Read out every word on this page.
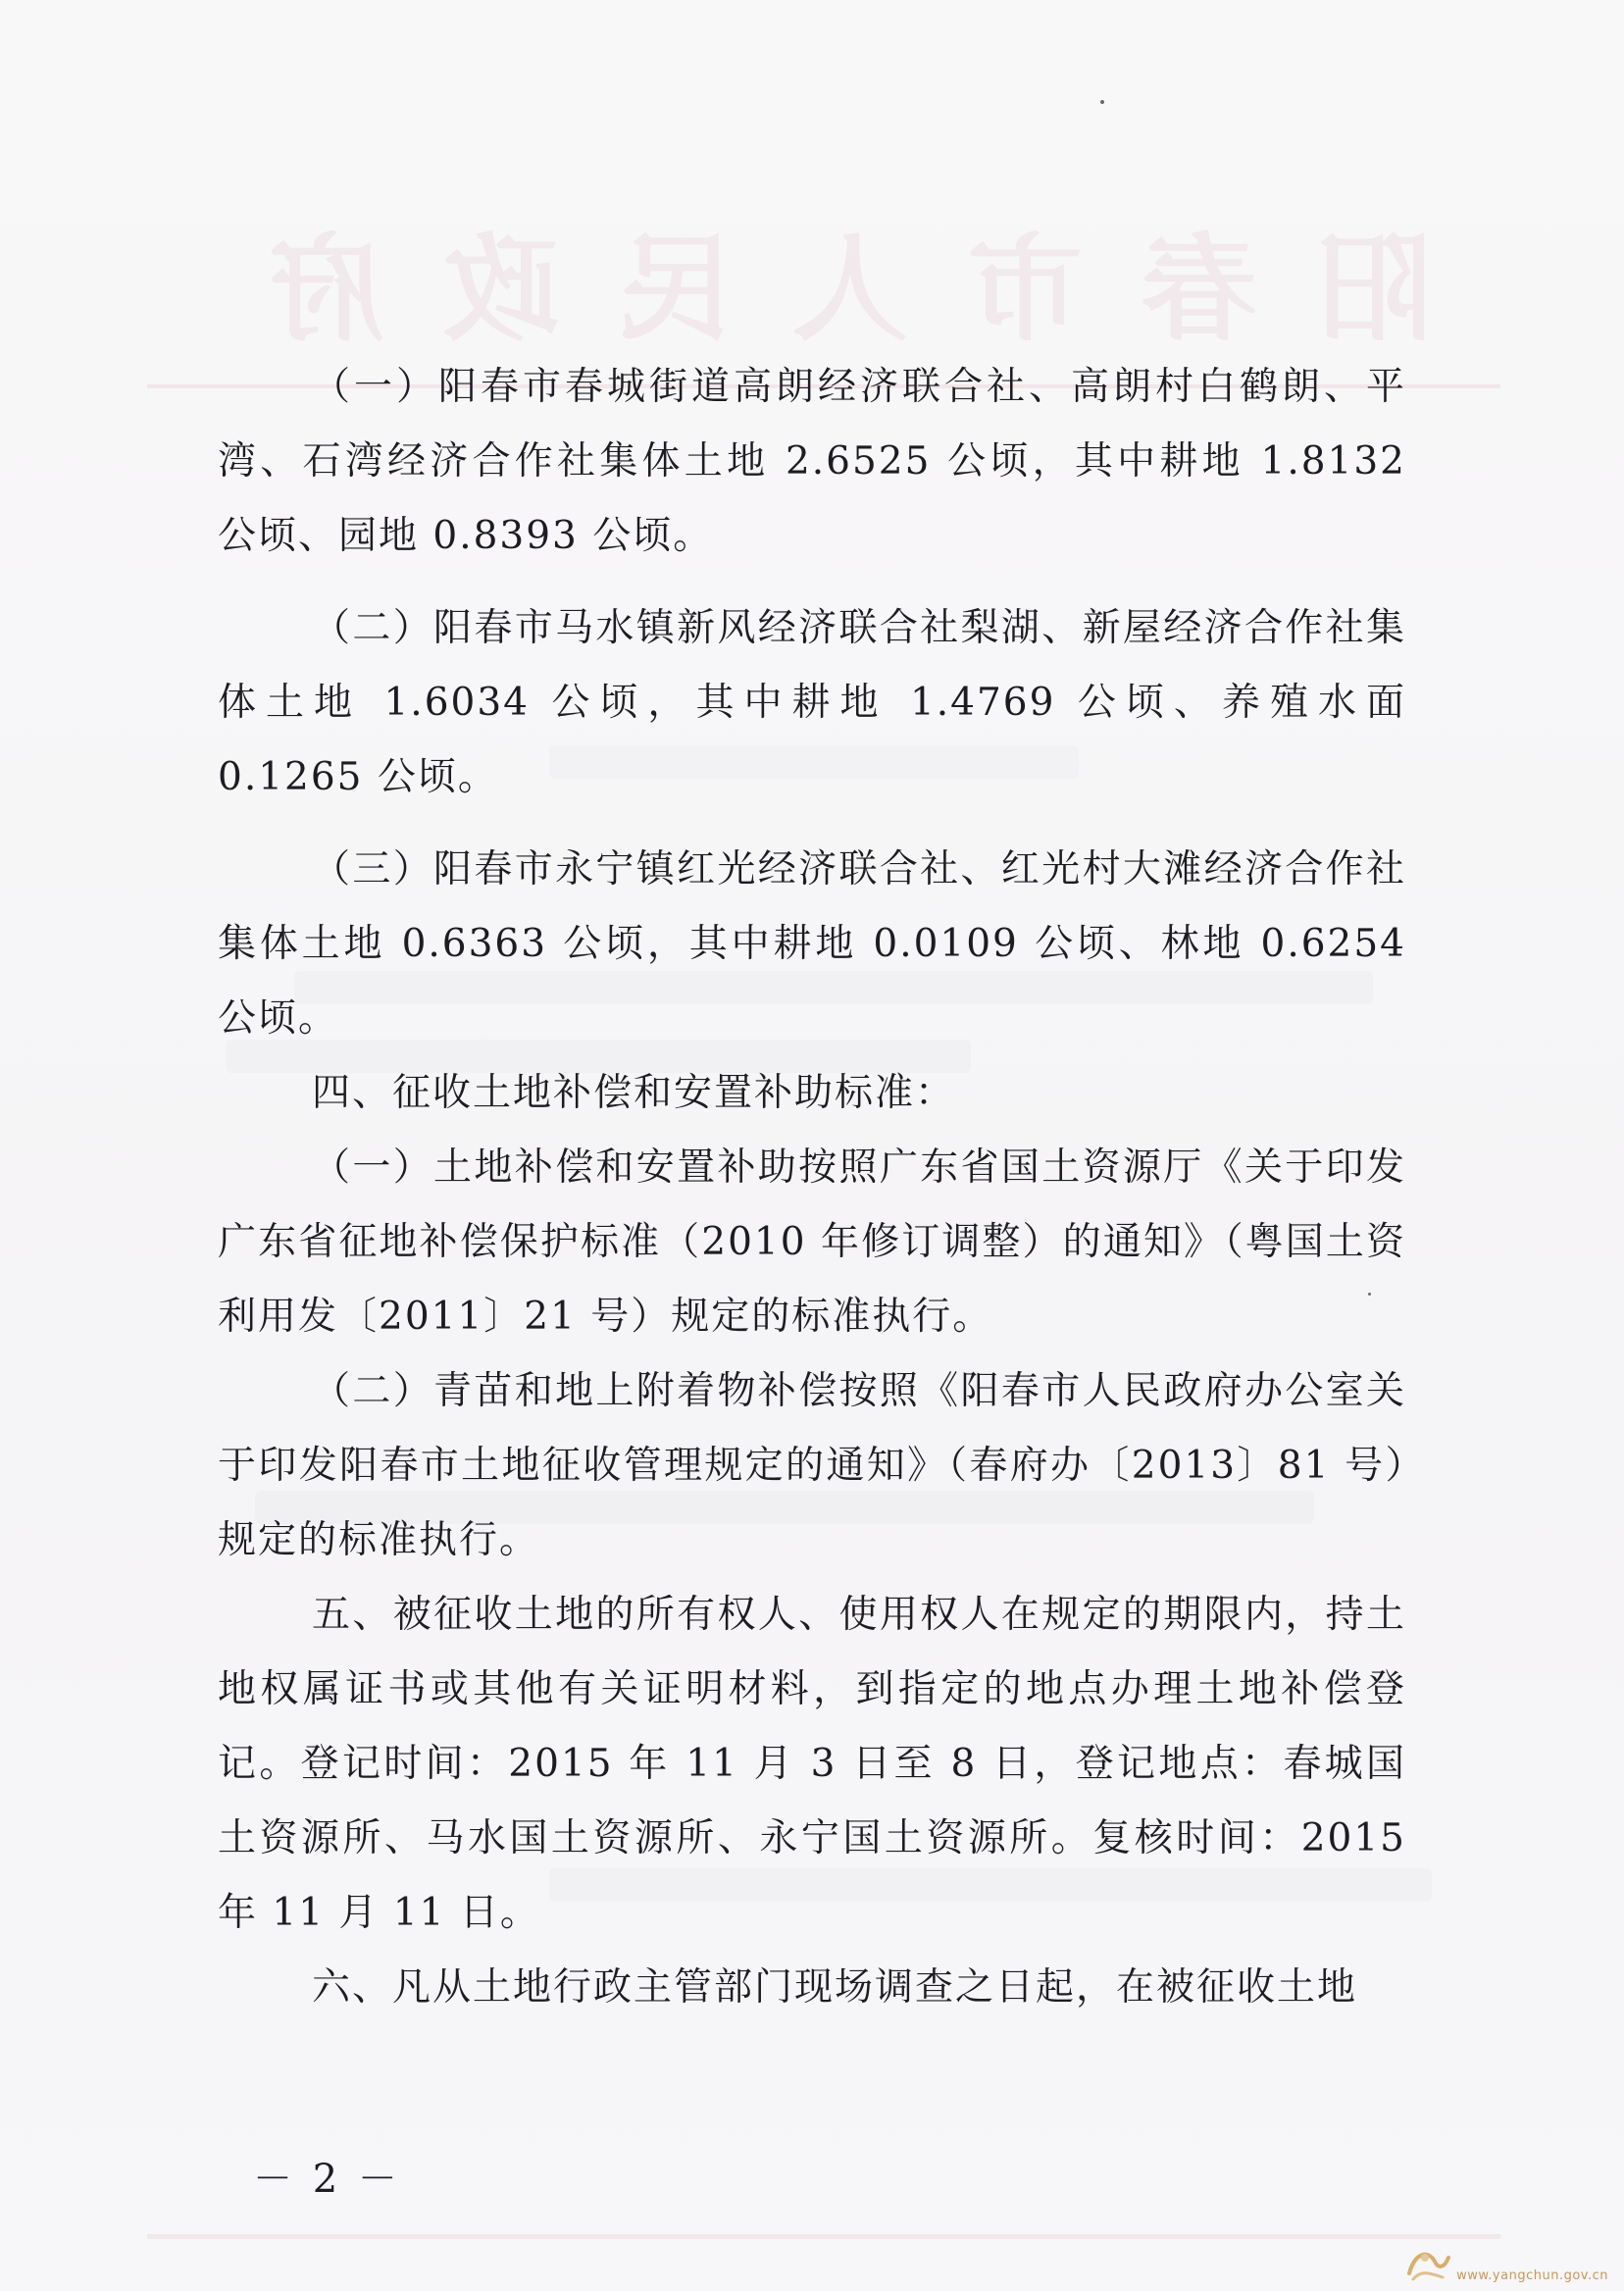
阳春市人民政府

（一）阳春市春城街道高朗经济联合社、高朗村白鹤朗、平湾、石湾经济合作社集体土地 2.6525 公顷，其中耕地 1.8132 公顷、园地 0.8393 公顷。

（二）阳春市马水镇新风经济联合社梨湖、新屋经济合作社集体土地 1.6034 公顷，其中耕地 1.4769 公顷、养殖水面 0.1265 公顷。

（三）阳春市永宁镇红光经济联合社、红光村大滩经济合作社集体土地 0.6363 公顷，其中耕地 0.0109 公顷、林地 0.6254 公顷。

四、征收土地补偿和安置补助标准：

（一）土地补偿和安置补助按照广东省国土资源厅《关于印发广东省征地补偿保护标准（2010 年修订调整）的通知》（粤国土资利用发〔2011〕21 号）规定的标准执行。

（二）青苗和地上附着物补偿按照《阳春市人民政府办公室关于印发阳春市土地征收管理规定的通知》（春府办〔2013〕81 号）规定的标准执行。

五、被征收土地的所有权人、使用权人在规定的期限内，持土地权属证书或其他有关证明材料，到指定的地点办理土地补偿登记。登记时间：2015 年 11 月 3 日至 8 日，登记地点：春城国土资源所、马水国土资源所、永宁国土资源所。复核时间：2015 年 11 月 11 日。

六、凡从土地行政主管部门现场调查之日起，在被征收土地

－ 2 －
www.yangchun.gov.cn
